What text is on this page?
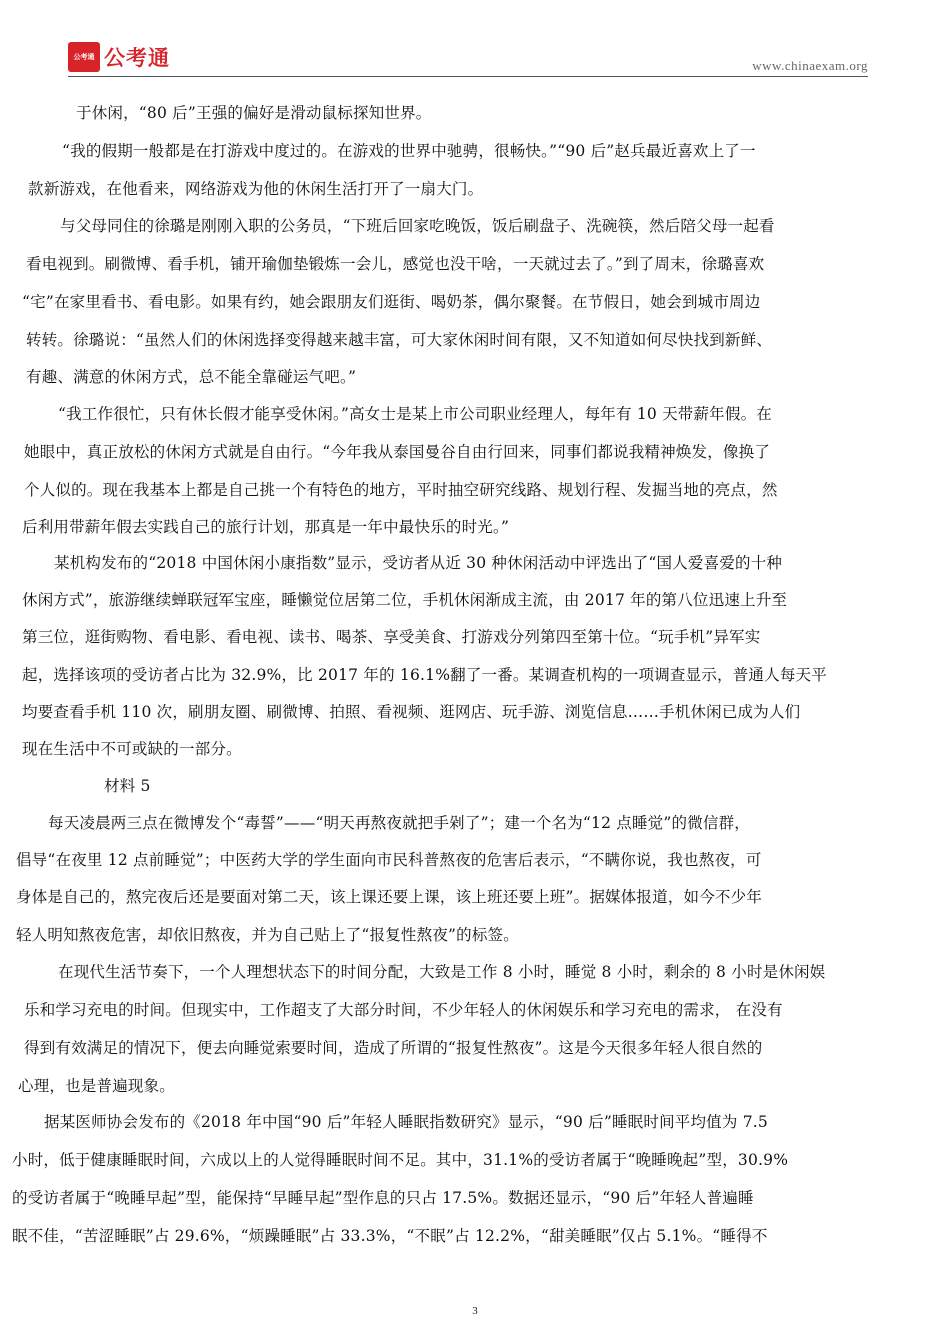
公考通 公考通	www.chinaexam.org
于休闲，“80 后”王强的偏好是滑动鼠标探知世界。
“我的假期一般都是在打游戏中度过的。在游戏的世界中驰骋，很畅快。”“90 后”赵兵最近喜欢上了一
款新游戏，在他看来，网络游戏为他的休闲生活打开了一扇大门。
与父母同住的徐璐是刚刚入职的公务员，“下班后回家吃晚饭，饭后刷盘子、洗碗筷，然后陪父母一起看
看电视到。刷微博、看手机，铺开瑜伽垫锻炼一会儿，感觉也没干啥，一天就过去了。”到了周末，徐璐喜欢
“宅”在家里看书、看电影。如果有约，她会跟朋友们逛街、喝奶茶，偶尔聚餐。在节假日，她会到城市周边
转转。徐璐说：“虽然人们的休闲选择变得越来越丰富，可大家休闲时间有限，又不知道如何尽快找到新鲜、
有趣、满意的休闲方式，总不能全靠碰运气吧。”
“我工作很忙，只有休长假才能享受休闲。”高女士是某上市公司职业经理人，每年有 10 天带薪年假。在
她眼中，真正放松的休闲方式就是自由行。“今年我从泰国曼谷自由行回来，同事们都说我精神焕发，像换了
个人似的。现在我基本上都是自己挑一个有特色的地方，平时抽空研究线路、规划行程、发掘当地的亮点，然
后利用带薪年假去实践自己的旅行计划，那真是一年中最快乐的时光。”
某机构发布的“2018 中国休闲小康指数”显示，受访者从近 30 种休闲活动中评选出了“国人爱喜爱的十种
休闲方式”，旅游继续蝉联冠军宝座，睡懒觉位居第二位，手机休闲渐成主流，由 2017 年的第八位迅速上升至
第三位，逛街购物、看电影、看电视、读书、喝茶、享受美食、打游戏分列第四至第十位。“玩手机”异军实
起，选择该项的受访者占比为 32.9%，比 2017 年的 16.1%翻了一番。某调查机构的一项调查显示，普通人每天平
均要查看手机 110 次，刷朋友圈、刷微博、拍照、看视频、逛网店、玩手游、浏览信息……手机休闲已成为人们
现在生活中不可或缺的一部分。
材料 5
每天凌晨两三点在微博发个“毒誓”——“明天再熬夜就把手剁了”；建一个名为“12 点睡觉”的微信群，
倡导“在夜里 12 点前睡觉”；中医药大学的学生面向市民科普熬夜的危害后表示，“不瞒你说，我也熬夜，可
身体是自己的，熬完夜后还是要面对第二天，该上课还要上课，该上班还要上班”。据媒体报道，如今不少年
轻人明知熬夜危害，却依旧熬夜，并为自己贴上了“报复性熬夜”的标签。
在现代生活节奏下，一个人理想状态下的时间分配，大致是工作 8 小时，睡觉 8 小时，剩余的 8 小时是休闲娱
乐和学习充电的时间。但现实中，工作超支了大部分时间，不少年轻人的休闲娱乐和学习充电的需求， 在没有
得到有效满足的情况下，便去向睡觉索要时间，造成了所谓的“报复性熬夜”。这是今天很多年轻人很自然的
心理，也是普遍现象。
据某医师协会发布的《2018 年中国“90 后”年轻人睡眠指数研究》显示，“90 后”睡眠时间平均值为 7.5
小时，低于健康睡眠时间，六成以上的人觉得睡眠时间不足。其中，31.1%的受访者属于“晚睡晚起”型，30.9%
的受访者属于“晚睡早起”型，能保持“早睡早起”型作息的只占 17.5%。数据还显示，“90 后”年轻人普遍睡
眠不佳，“苦涩睡眠”占 29.6%，“烦躁睡眠”占 33.3%，“不眠”占 12.2%，“甜美睡眠”仅占 5.1%。“睡得不
3
